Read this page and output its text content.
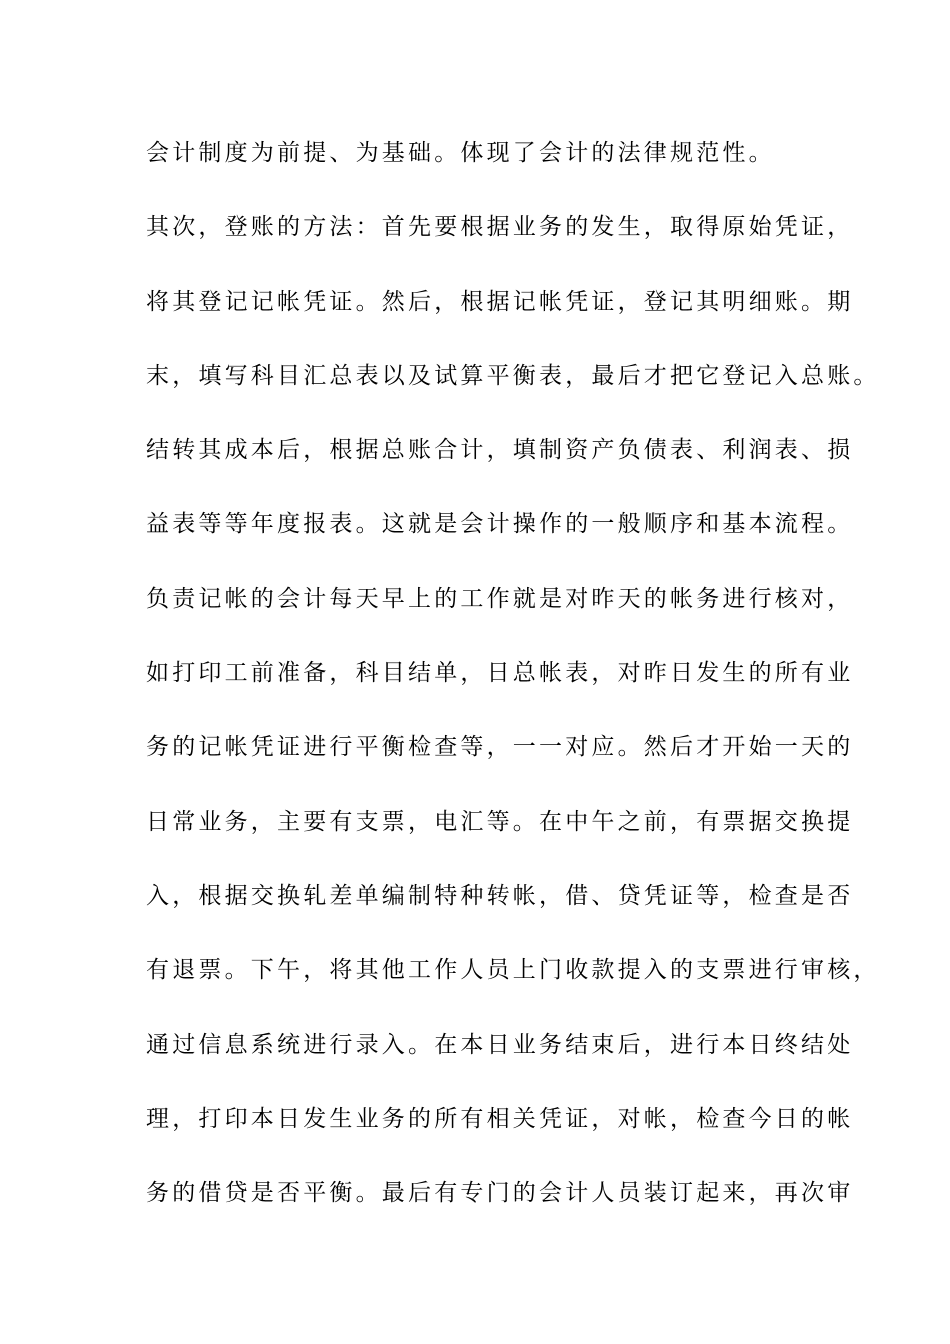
会计制度为前提、为基础。体现了会计的法律规范性。
其次，登账的方法：首先要根据业务的发生，取得原始凭证，
将其登记记帐凭证。然后，根据记帐凭证，登记其明细账。期
末，填写科目汇总表以及试算平衡表，最后才把它登记入总账。
结转其成本后，根据总账合计，填制资产负债表、利润表、损
益表等等年度报表。这就是会计操作的一般顺序和基本流程。
负责记帐的会计每天早上的工作就是对昨天的帐务进行核对，
如打印工前准备，科目结单，日总帐表，对昨日发生的所有业
务的记帐凭证进行平衡检查等，一一对应。然后才开始一天的
日常业务，主要有支票，电汇等。在中午之前，有票据交换提
入，根据交换轧差单编制特种转帐，借、贷凭证等，检查是否
有退票。下午，将其他工作人员上门收款提入的支票进行审核，
通过信息系统进行录入。在本日业务结束后，进行本日终结处
理，打印本日发生业务的所有相关凭证，对帐，检查今日的帐
务的借贷是否平衡。最后有专门的会计人员装订起来，再次审
